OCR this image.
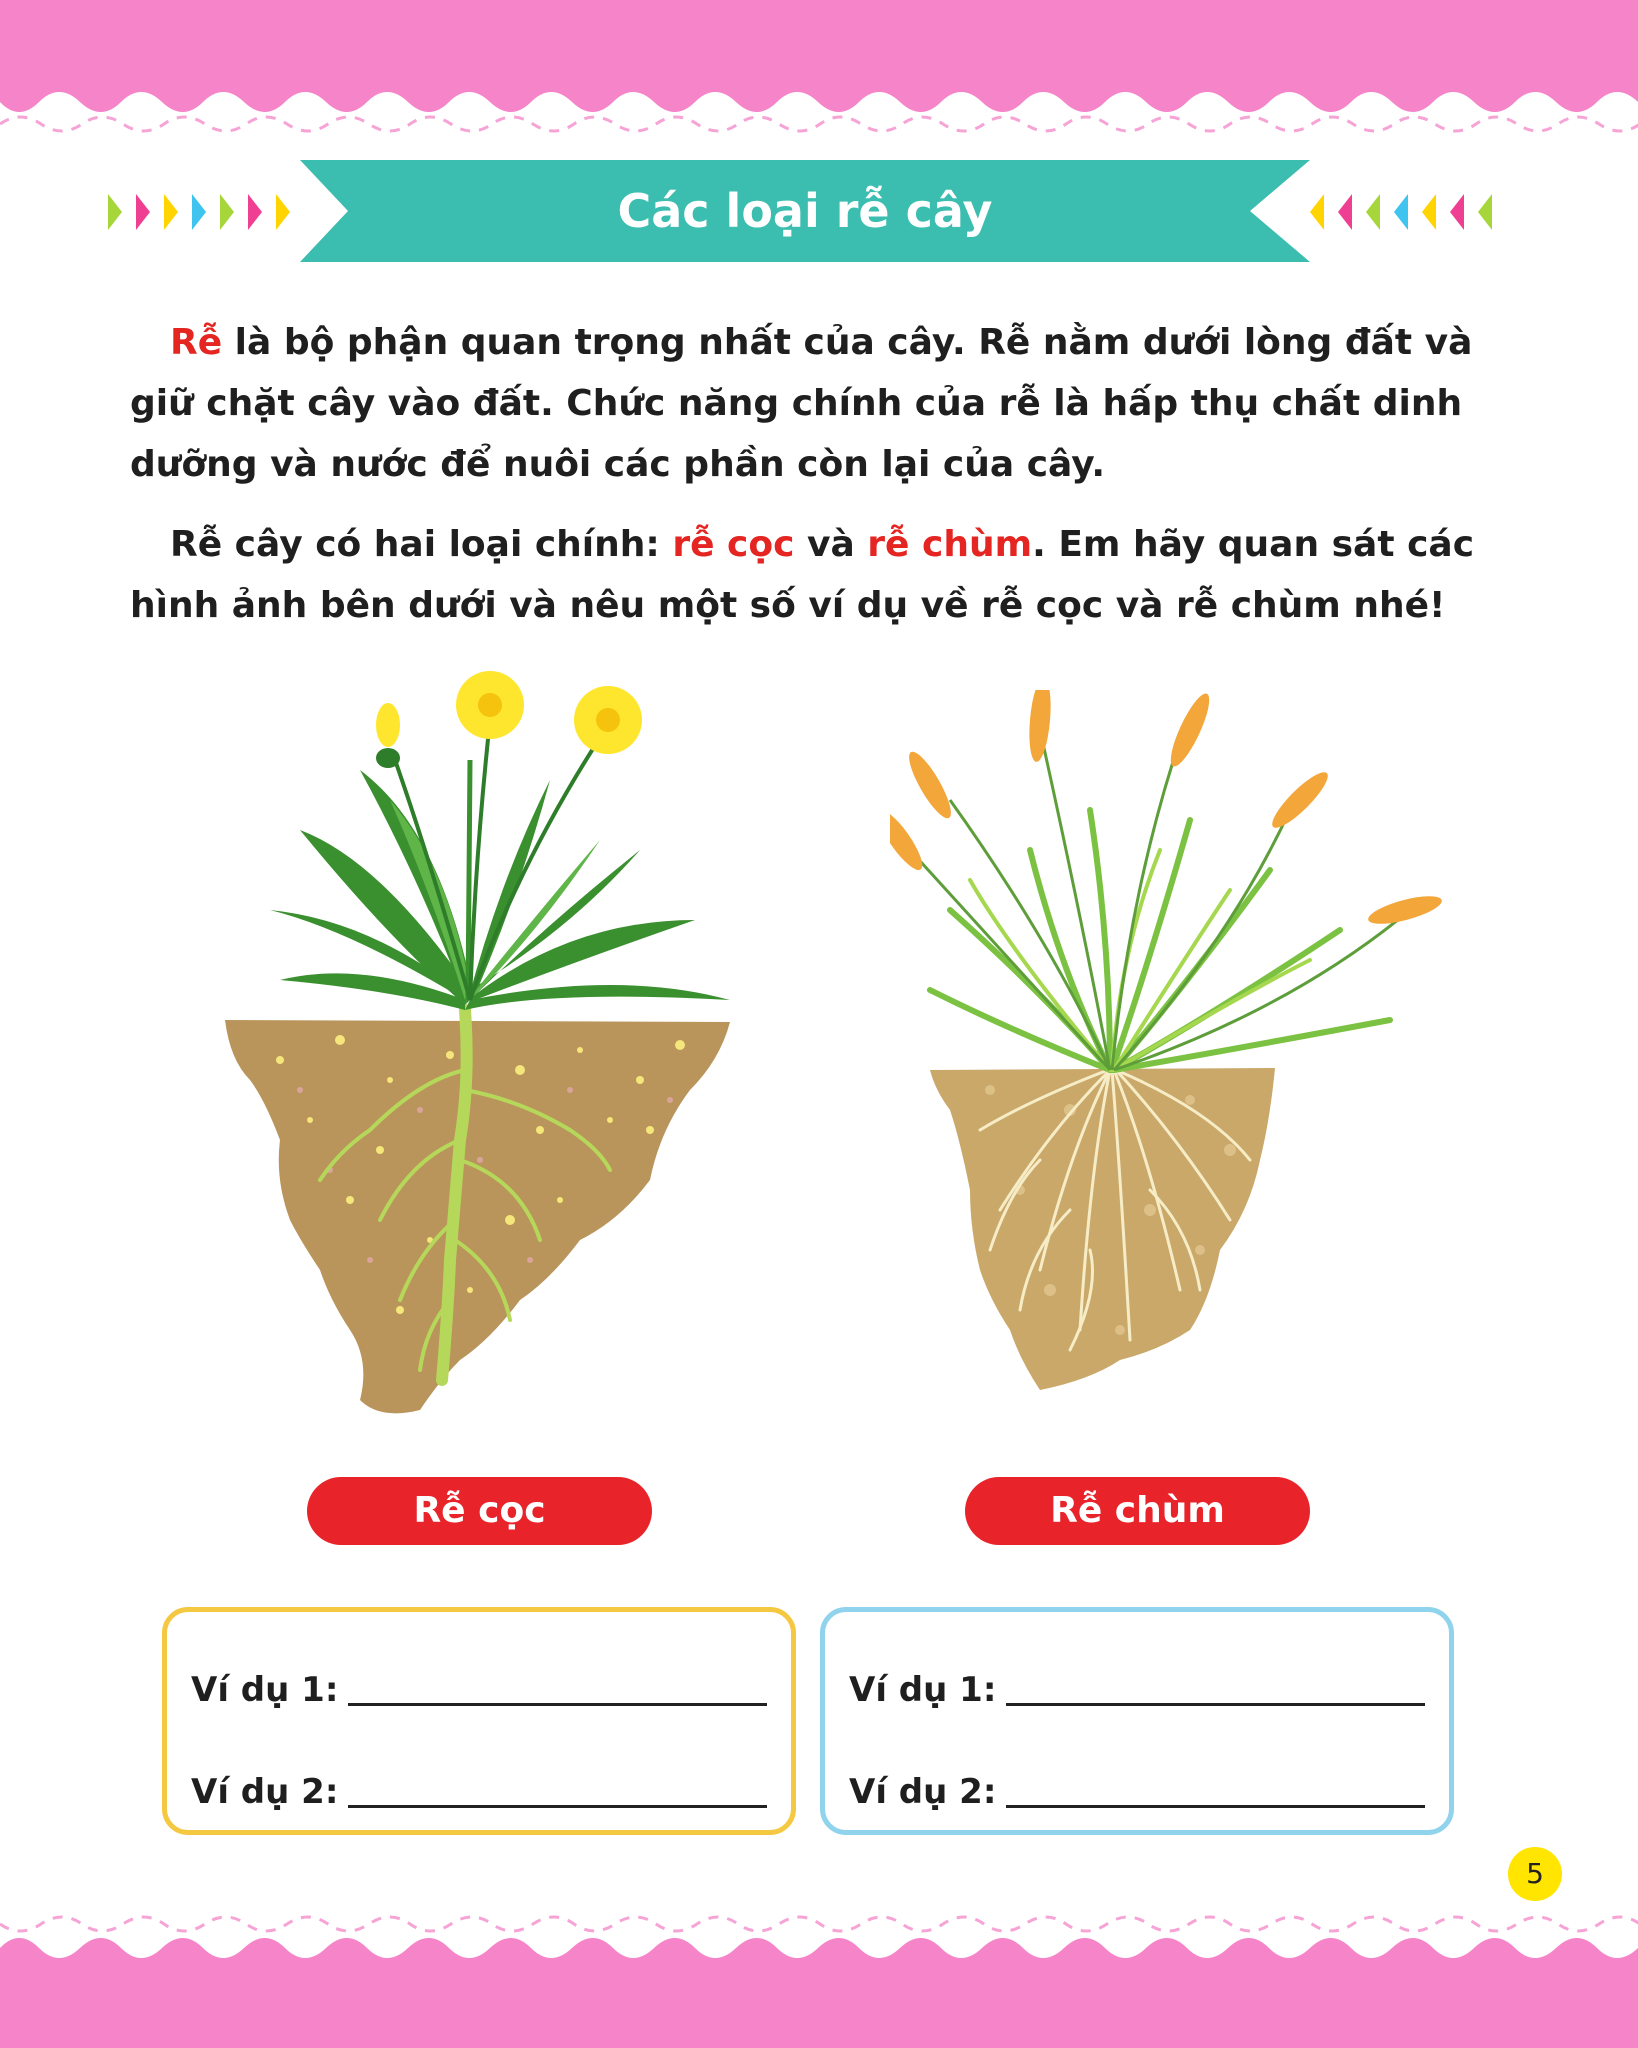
Các loại rễ cây
Rễ là bộ phận quan trọng nhất của cây. Rễ nằm dưới lòng đất và giữ chặt cây vào đất. Chức năng chính của rễ là hấp thụ chất dinh dưỡng và nước để nuôi các phần còn lại của cây.
Rễ cây có hai loại chính: rễ cọc và rễ chùm. Em hãy quan sát các hình ảnh bên dưới và nêu một số ví dụ về rễ cọc và rễ chùm nhé!
Rễ cọc	Rễ chùm
Ví dụ 1:
Ví dụ 2:
Ví dụ 1:
Ví dụ 2:
5
